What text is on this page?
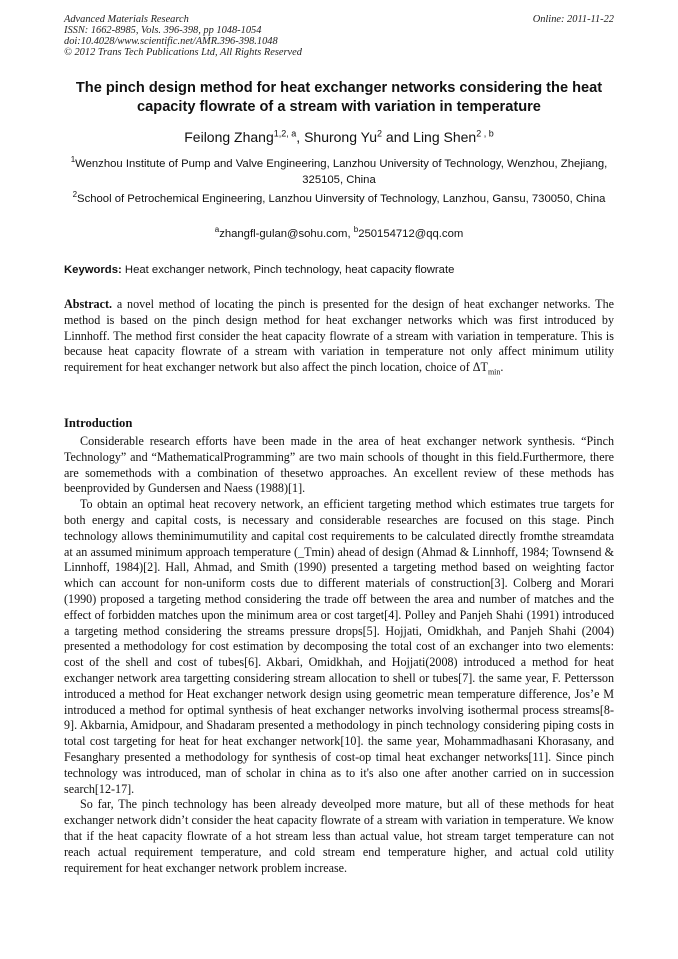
Advanced Materials Research	Online: 2011-11-22
ISSN: 1662-8985, Vols. 396-398, pp 1048-1054
doi:10.4028/www.scientific.net/AMR.396-398.1048
© 2012 Trans Tech Publications Ltd, All Rights Reserved
The pinch design method for heat exchanger networks considering the heat capacity flowrate of a stream with variation in temperature
Feilong Zhang$^{1,2, a}$, Shurong Yu$^2$ and Ling Shen$^{2 , b}$
$^1$Wenzhou Institute of Pump and Valve Engineering, Lanzhou University of Technology, Wenzhou, Zhejiang, 325105, China
$^2$School of Petrochemical Engineering, Lanzhou Uinversity of Technology, Lanzhou, Gansu, 730050, China
$^a$zhangfl-gulan@sohu.com, $^b$250154712@qq.com
Keywords: Heat exchanger network, Pinch technology, heat capacity flowrate
Abstract. a novel method of locating the pinch is presented for the design of heat exchanger networks. The method is based on the pinch design method for heat exchanger networks which was first introduced by Linnhoff. The method first consider the heat capacity flowrate of a stream with variation in temperature. This is because heat capacity flowrate of a stream with variation in temperature not only affect minimum utility requirement for heat exchanger network but also affect the pinch location, choice of $\Delta T_{min}$.
Introduction

Considerable research efforts have been made in the area of heat exchanger network synthesis. “Pinch Technology” and “MathematicalProgramming” are two main schools of thought in this field.Furthermore, there are somemethods with a combination of thesetwo approaches. An excellent review of these methods has beenprovided by Gundersen and Naess (1988)[1].

To obtain an optimal heat recovery network, an efficient targeting method which estimates true targets for both energy and capital costs, is necessary and considerable researches are focused on this stage. Pinch technology allows theminimumutility and capital cost requirements to be calculated directly fromthe streamdata at an assumed minimum approach temperature (_Tmin) ahead of design (Ahmad & Linnhoff, 1984; Townsend & Linnhoff, 1984)[2]. Hall, Ahmad, and Smith (1990) presented a targeting method based on weighting factor which can account for non-uniform costs due to different materials of construction[3]. Colberg and Morari (1990) proposed a targeting method considering the trade off between the area and number of matches and the effect of forbidden matches upon the minimum area or cost target[4]. Polley and Panjeh Shahi (1991) introduced a targeting method considering the streams pressure drops[5]. Hojjati, Omidkhah, and Panjeh Shahi (2004) presented a methodology for cost estimation by decomposing the total cost of an exchanger into two elements: cost of the shell and cost of tubes[6]. Akbari, Omidkhah, and Hojjati(2008) introduced a method for heat exchanger network area targetting considering stream allocation to shell or tubes[7]. the same year, F. Pettersson introduced a method for Heat exchanger network design using geometric mean temperature difference, Jos’e M introduced a method for optimal synthesis of heat exchanger networks involving isothermal process streams[8-9]. Akbarnia, Amidpour, and Shadaram presented a methodology in pinch technology considering piping costs in total cost targeting for heat for heat exchanger network[10]. the same year, Mohammadhasani Khorasany, and Fesanghary presented a methodology for synthesis of cost-op timal heat exchanger networks[11]. Since pinch technology was introduced, man of scholar in china as to it's also one after another carried on in succession search[12-17].

So far, The pinch technology has been already deveolped more mature, but all of these methods for heat exchanger network didn’t consider the heat capacity flowrate of a stream with variation in temperature. We know that if the heat capacity flowrate of a hot stream less than actual value, hot stream target temperature can not reach actual requirement temperature, and cold stream end temperature higher, and actual cold utility requirement for heat exchanger network problem increase.
